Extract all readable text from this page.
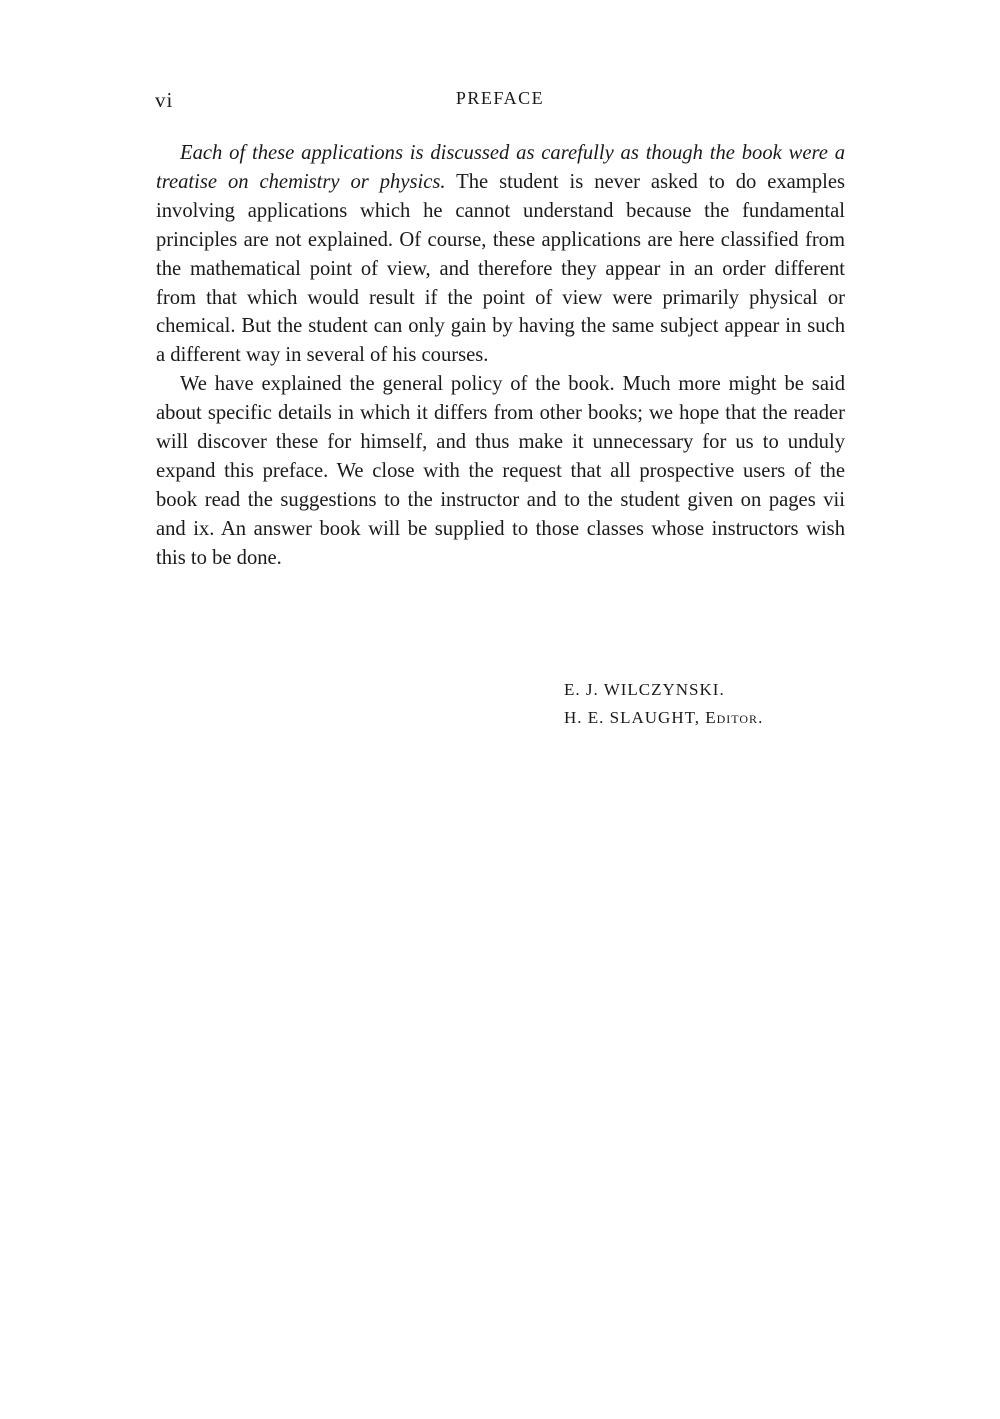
vi	PREFACE

Each of these applications is discussed as carefully as though the book were a treatise on chemistry or physics. The student is never asked to do examples involving applications which he cannot understand because the fundamental principles are not explained. Of course, these applications are here classified from the mathematical point of view, and therefore they appear in an order different from that which would result if the point of view were primarily physical or chemical. But the student can only gain by having the same subject appear in such a different way in several of his courses.

We have explained the general policy of the book. Much more might be said about specific details in which it differs from other books; we hope that the reader will discover these for himself, and thus make it unnecessary for us to unduly expand this preface. We close with the request that all prospective users of the book read the suggestions to the instructor and to the student given on pages vii and ix. An answer book will be supplied to those classes whose instructors wish this to be done.

E. J. WILCZYNSKI.
H. E. SLAUGHT, Editor.
